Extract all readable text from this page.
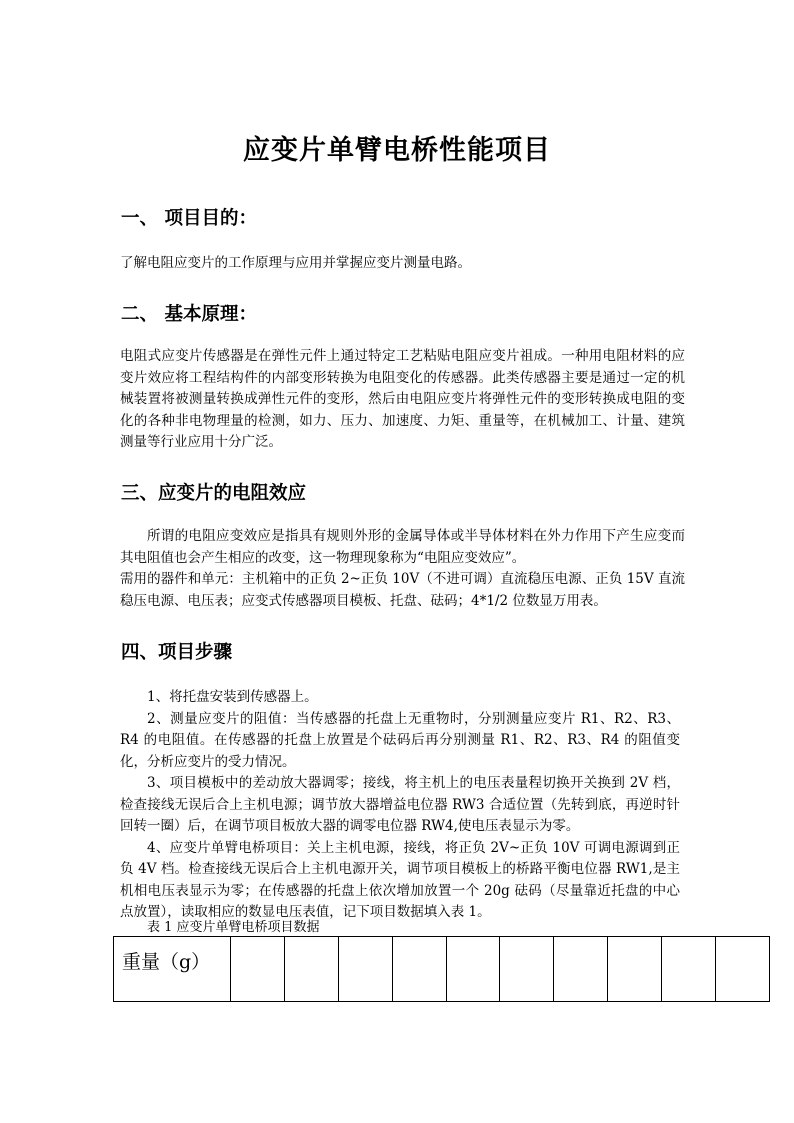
应变片单臂电桥性能项目
一、 项目目的：

了解电阻应变片的工作原理与应用并掌握应变片测量电路。

二、 基本原理：

电阻式应变片传感器是在弹性元件上通过特定工艺粘贴电阻应变片祖成。一种用电阻材料的应变片效应将工程结构件的内部变形转换为电阻变化的传感器。此类传感器主要是通过一定的机械装置将被测量转换成弹性元件的变形，然后由电阻应变片将弹性元件的变形转换成电阻的变化的各种非电物理量的检测，如力、压力、加速度、力矩、重量等，在机械加工、计量、建筑测量等行业应用十分广泛。

三、应变片的电阻效应

所谓的电阻应变效应是指具有规则外形的金属导体或半导体材料在外力作用下产生应变而其电阻值也会产生相应的改变，这一物理现象称为“电阻应变效应”。

需用的器件和单元：主机箱中的正负 2~正负 10V（不进可调）直流稳压电源、正负 15V 直流稳压电源、电压表；应变式传感器项目模板、托盘、砝码；4*1/2 位数显万用表。

四、项目步骤

1、将托盘安装到传感器上。

2、测量应变片的阻值：当传感器的托盘上无重物时，分别测量应变片 R1、R2、R3、R4 的电阻值。在传感器的托盘上放置是个砝码后再分别测量 R1、R2、R3、R4 的阻值变化，分析应变片的受力情况。

3、项目模板中的差动放大器调零；接线，将主机上的电压表量程切换开关换到 2V 档，检查接线无误后合上主机电源；调节放大器增益电位器 RW3 合适位置（先转到底，再逆时针回转一圈）后，在调节项目板放大器的调零电位器 RW4,使电压表显示为零。

4、应变片单臂电桥项目：关上主机电源，接线，将正负 2V~正负 10V 可调电源调到正负 4V 档。检查接线无误后合上主机电源开关，调节项目模板上的桥路平衡电位器 RW1,是主机相电压表显示为零；在传感器的托盘上依次增加放置一个 20g 砝码（尽量靠近托盘的中心点放置），读取相应的数显电压表值，记下项目数据填入表 1。

表 1 应变片单臂电桥项目数据
重量（g）										
